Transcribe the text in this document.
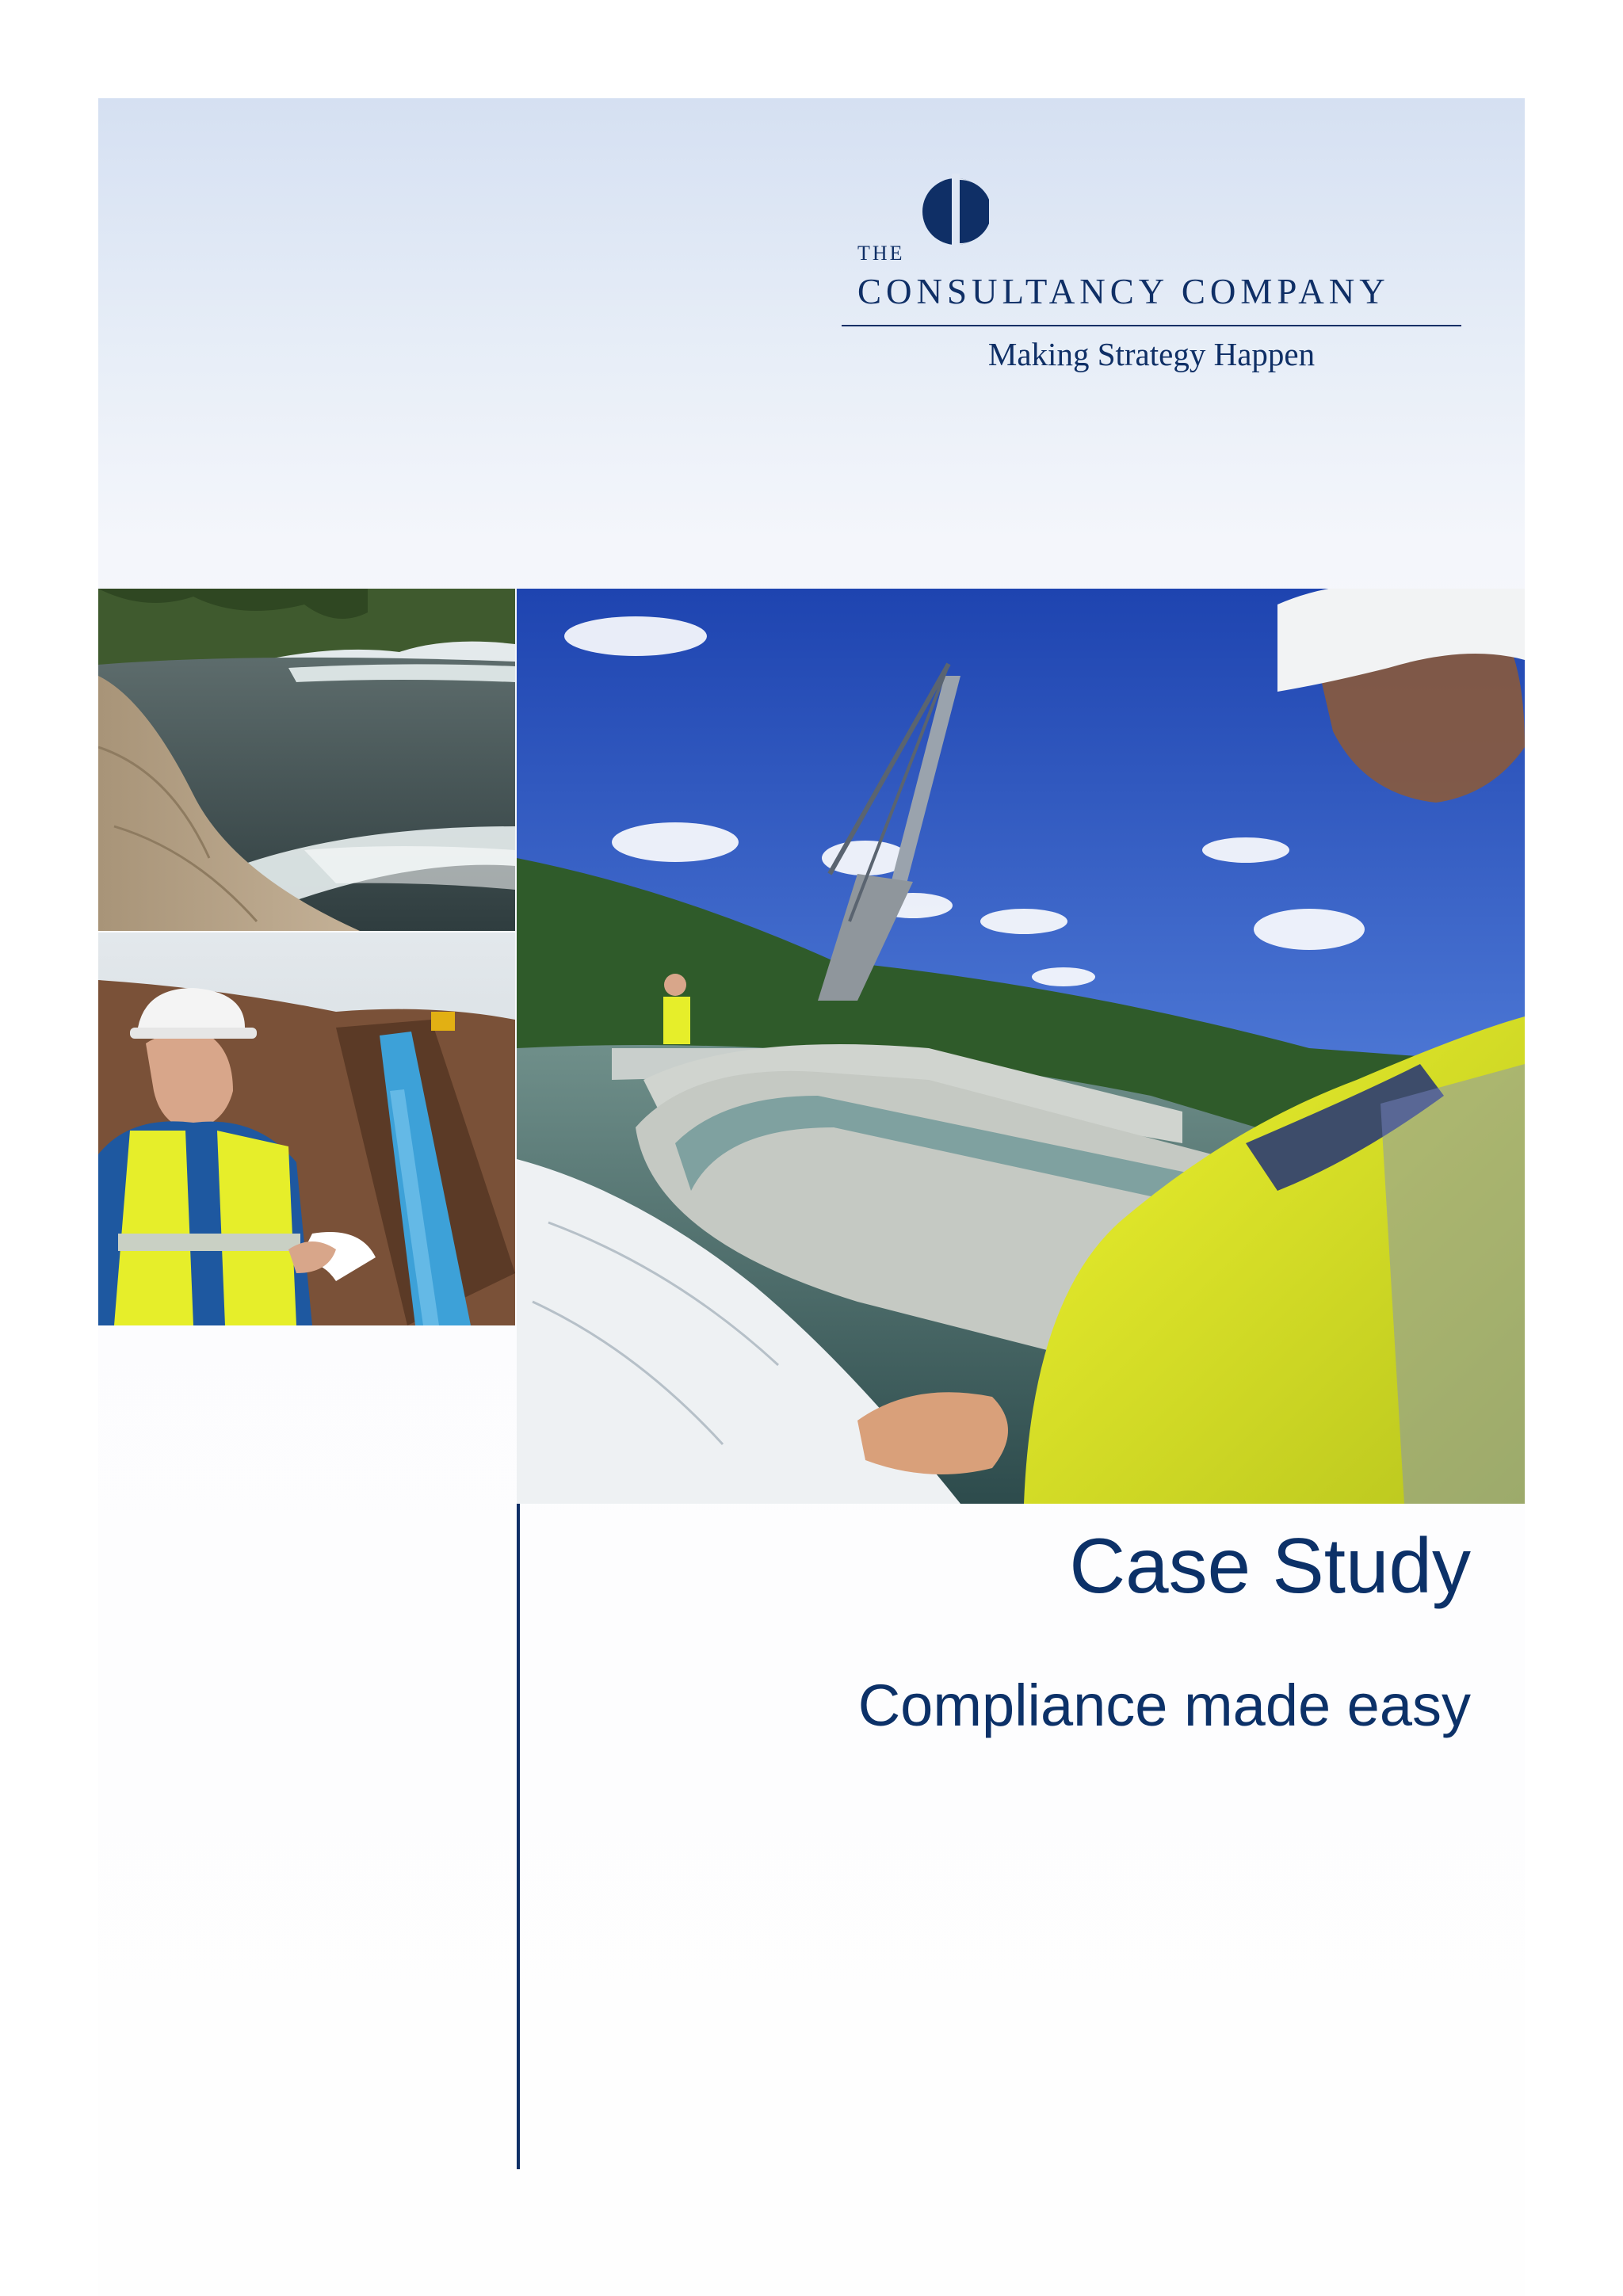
THE
CONSULTANCY COMPANY
Making Strategy Happen
Case Study
Compliance made easy
